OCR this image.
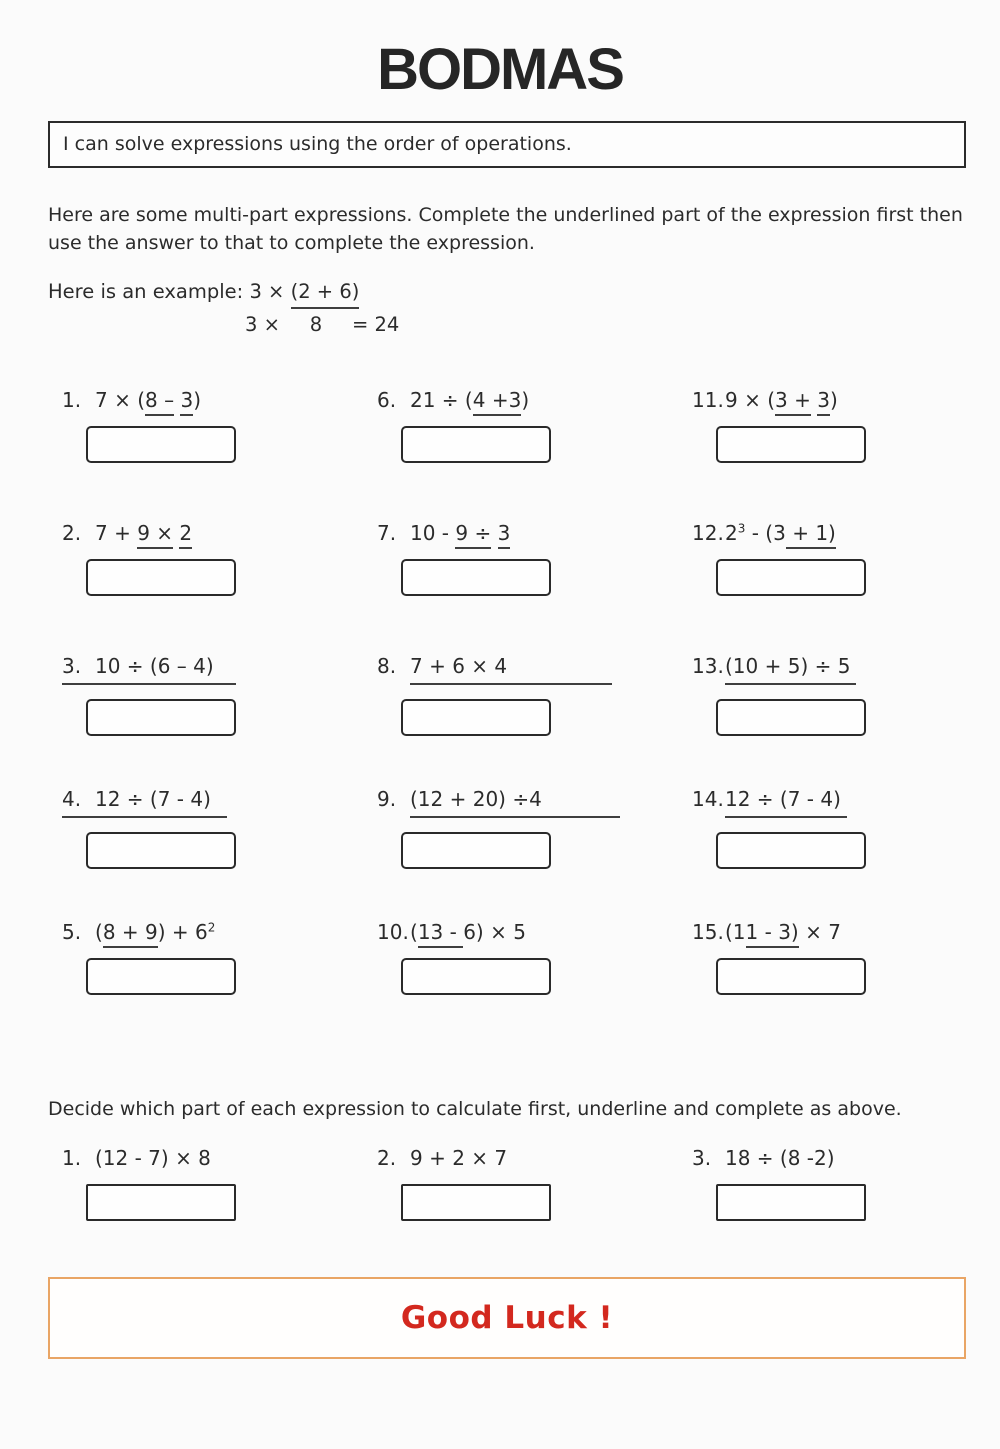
BODMAS
I can solve expressions using the order of operations.

Here are some multi-part expressions. Complete the underlined part of the expression first then use the answer to that to complete the expression.

Here is an example: 3 × (2 + 6)
3 × 8 = 24
1. 7 × (8 – 3)	6. 21 ÷ (4 +3)	11.9 × (3 + 3)
2. 7 + 9 × 2	7. 10 - 9 ÷ 3	12.2$^3$ - (3 + 1)
3. 10 ÷ (6 – 4)	8. 7 + 6 × 4	13.(10 + 5) ÷ 5
4. 12 ÷ (7 - 4)	9. (12 + 20) ÷4	14.12 ÷ (7 - 4)
5. $(8 + 9) + 6^2$	10.(13 - 6) × 5	15.(11 - 3) × 7

Decide which part of each expression to calculate first, underline and complete as above.

1. (12 - 7) × 8	2. 9 + 2 × 7	3. 18 ÷ (8 -2)
Good Luck !
